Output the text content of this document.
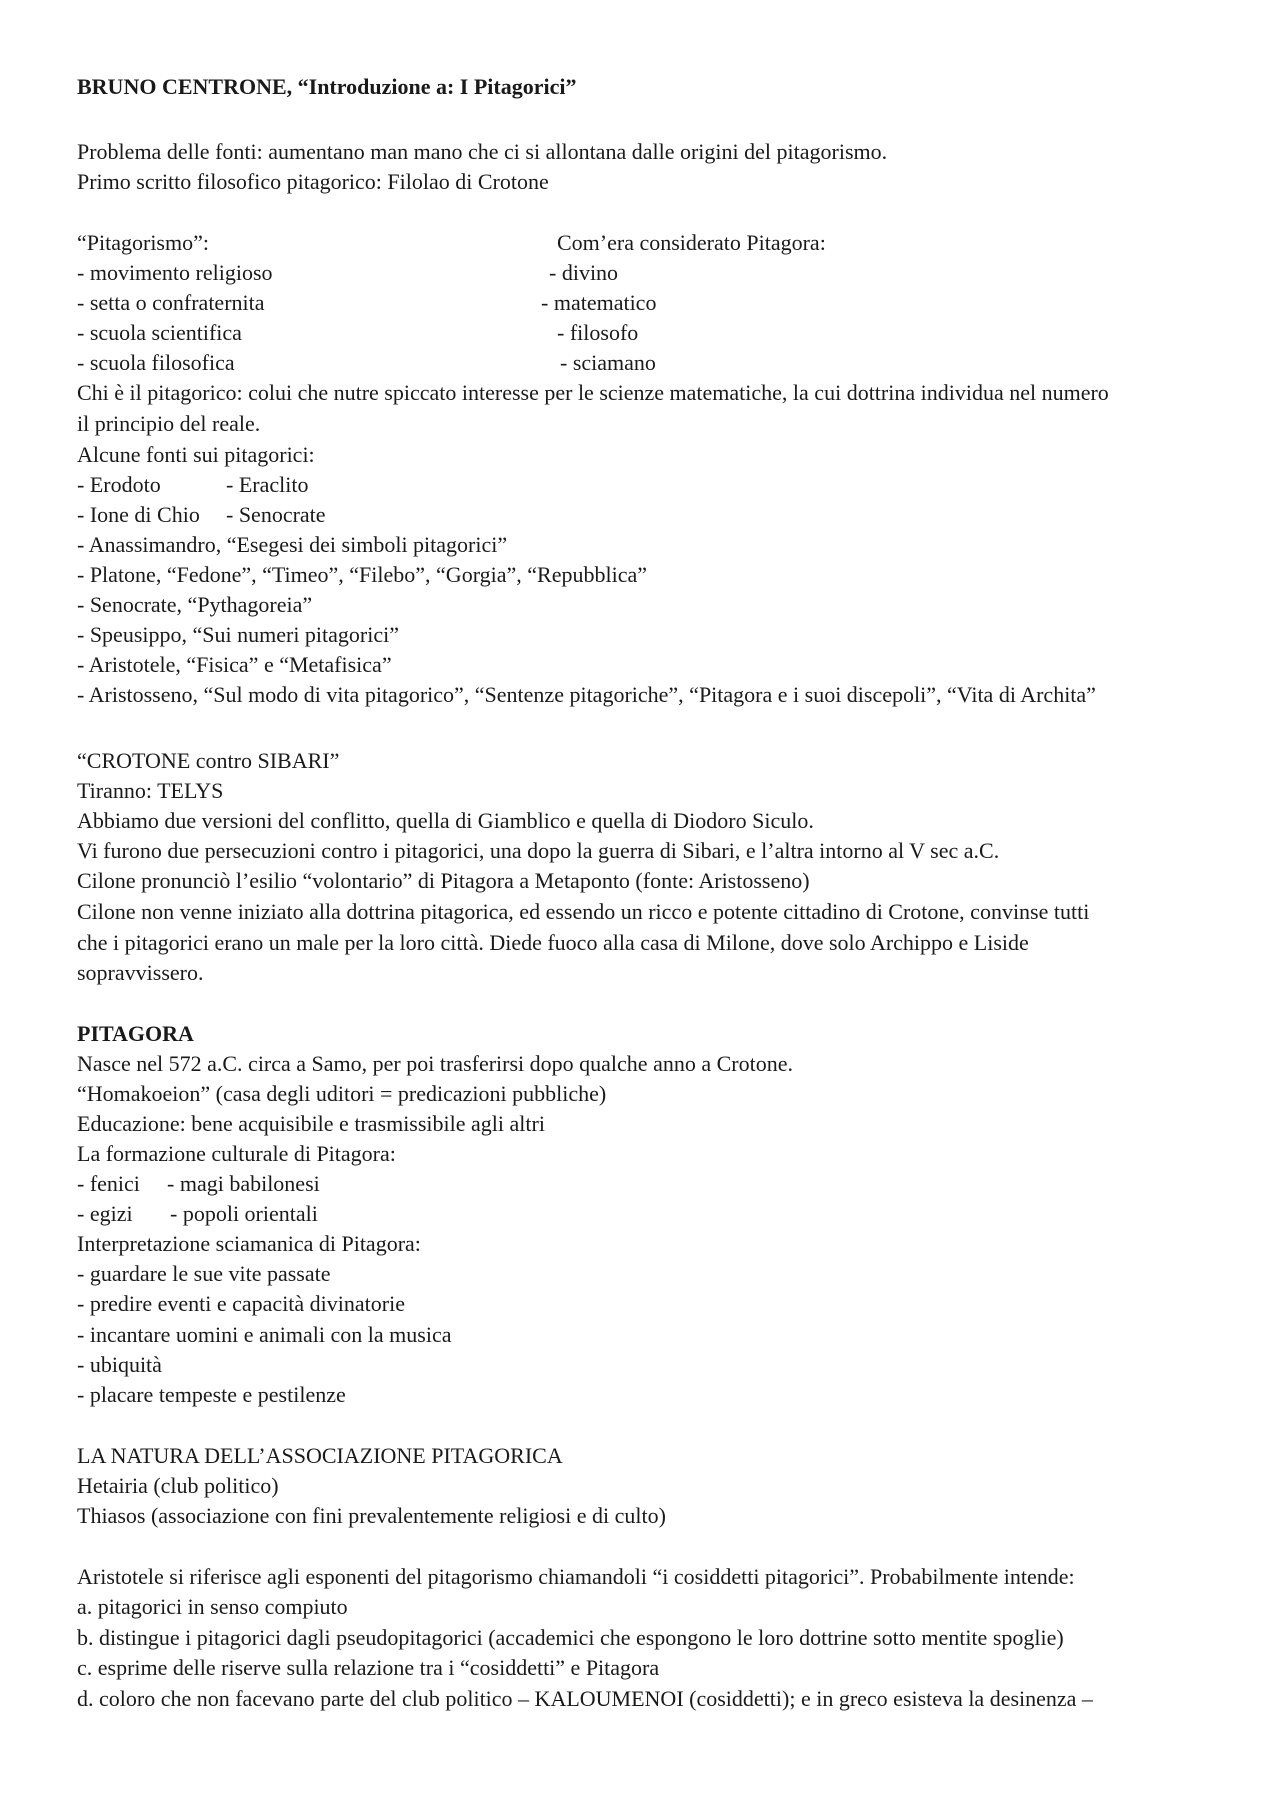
BRUNO CENTRONE, “Introduzione a: I Pitagorici”
Problema delle fonti: aumentano man mano che ci si allontana dalle origini del pitagorismo.
Primo scritto filosofico pitagorico: Filolao di Crotone
“Pitagorismo”:	Com’era considerato Pitagora:
- movimento religioso	- divino
- setta o confraternita	- matematico
- scuola scientifica	- filosofo
- scuola filosofica	- sciamano
Chi è il pitagorico: colui che nutre spiccato interesse per le scienze matematiche, la cui dottrina individua nel numero
il principio del reale.
Alcune fonti sui pitagorici:
- Erodoto	- Eraclito
- Ione di Chio - Senocrate
- Anassimandro, “Esegesi dei simboli pitagorici”
- Platone, “Fedone”, “Timeo”, “Filebo”, “Gorgia”, “Repubblica”
- Senocrate, “Pythagoreia”
- Speusippo, “Sui numeri pitagorici”
- Aristotele, “Fisica” e “Metafisica”
- Aristosseno, “Sul modo di vita pitagorico”, “Sentenze pitagoriche”, “Pitagora e i suoi discepoli”, “Vita di Archita”
“CROTONE contro SIBARI”
Tiranno: TELYS
Abbiamo due versioni del conflitto, quella di Giamblico e quella di Diodoro Siculo.
Vi furono due persecuzioni contro i pitagorici, una dopo la guerra di Sibari, e l’altra intorno al V sec a.C.
Cilone pronunciò l’esilio “volontario” di Pitagora a Metaponto (fonte: Aristosseno)
Cilone non venne iniziato alla dottrina pitagorica, ed essendo un ricco e potente cittadino di Crotone, convinse tutti
che i pitagorici erano un male per la loro città. Diede fuoco alla casa di Milone, dove solo Archippo e Liside
sopravvissero.
PITAGORA
Nasce nel 572 a.C. circa a Samo, per poi trasferirsi dopo qualche anno a Crotone.
“Homakoeion” (casa degli uditori = predicazioni pubbliche)
Educazione: bene acquisibile e trasmissibile agli altri
La formazione culturale di Pitagora:
- fenici - magi babilonesi
- egizi - popoli orientali
Interpretazione sciamanica di Pitagora:
- guardare le sue vite passate
- predire eventi e capacità divinatorie
- incantare uomini e animali con la musica
- ubiquità
- placare tempeste e pestilenze
LA NATURA DELL’ASSOCIAZIONE PITAGORICA
Hetairia (club politico)
Thiasos (associazione con fini prevalentemente religiosi e di culto)
Aristotele si riferisce agli esponenti del pitagorismo chiamandoli “i cosiddetti pitagorici”. Probabilmente intende:
a. pitagorici in senso compiuto
b. distingue i pitagorici dagli pseudopitagorici (accademici che espongono le loro dottrine sotto mentite spoglie)
c. esprime delle riserve sulla relazione tra i “cosiddetti” e Pitagora
d. coloro che non facevano parte del club politico – KALOUMENOI (cosiddetti); e in greco esisteva la desinenza –
